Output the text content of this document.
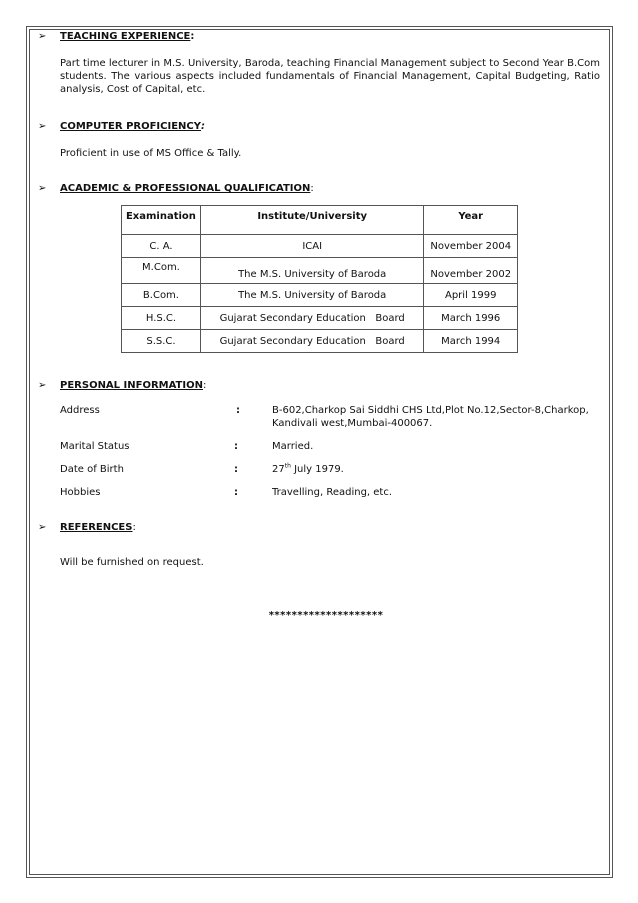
➢ TEACHING EXPERIENCE:
Part time lecturer in M.S. University, Baroda, teaching Financial Management subject to Second Year B.Com students. The various aspects included fundamentals of Financial Management, Capital Budgeting, Ratio analysis, Cost of Capital, etc.
➢ COMPUTER PROFICIENCY:
Proficient in use of MS Office & Tally.
➢ ACADEMIC & PROFESSIONAL QUALIFICATION:
Examination	Institute/University	Year
C. A.	ICAI	November 2004
M.Com.	The M.S. University of Baroda	November 2002
B.Com.	The M.S. University of Baroda	April 1999
H.S.C.	Gujarat Secondary Education   Board	March 1996
S.S.C.	Gujarat Secondary Education   Board	March 1994
➢ PERSONAL INFORMATION:
Address	:	B-602,Charkop Sai Siddhi CHS Ltd,Plot No.12,Sector-8,Charkop, Kandivali west,Mumbai-400067.
Marital Status	:	Married.
Date of Birth	:	27th July 1979.
Hobbies	:	Travelling, Reading, etc.
➢ REFERENCES:
Will be furnished on request.
********************
